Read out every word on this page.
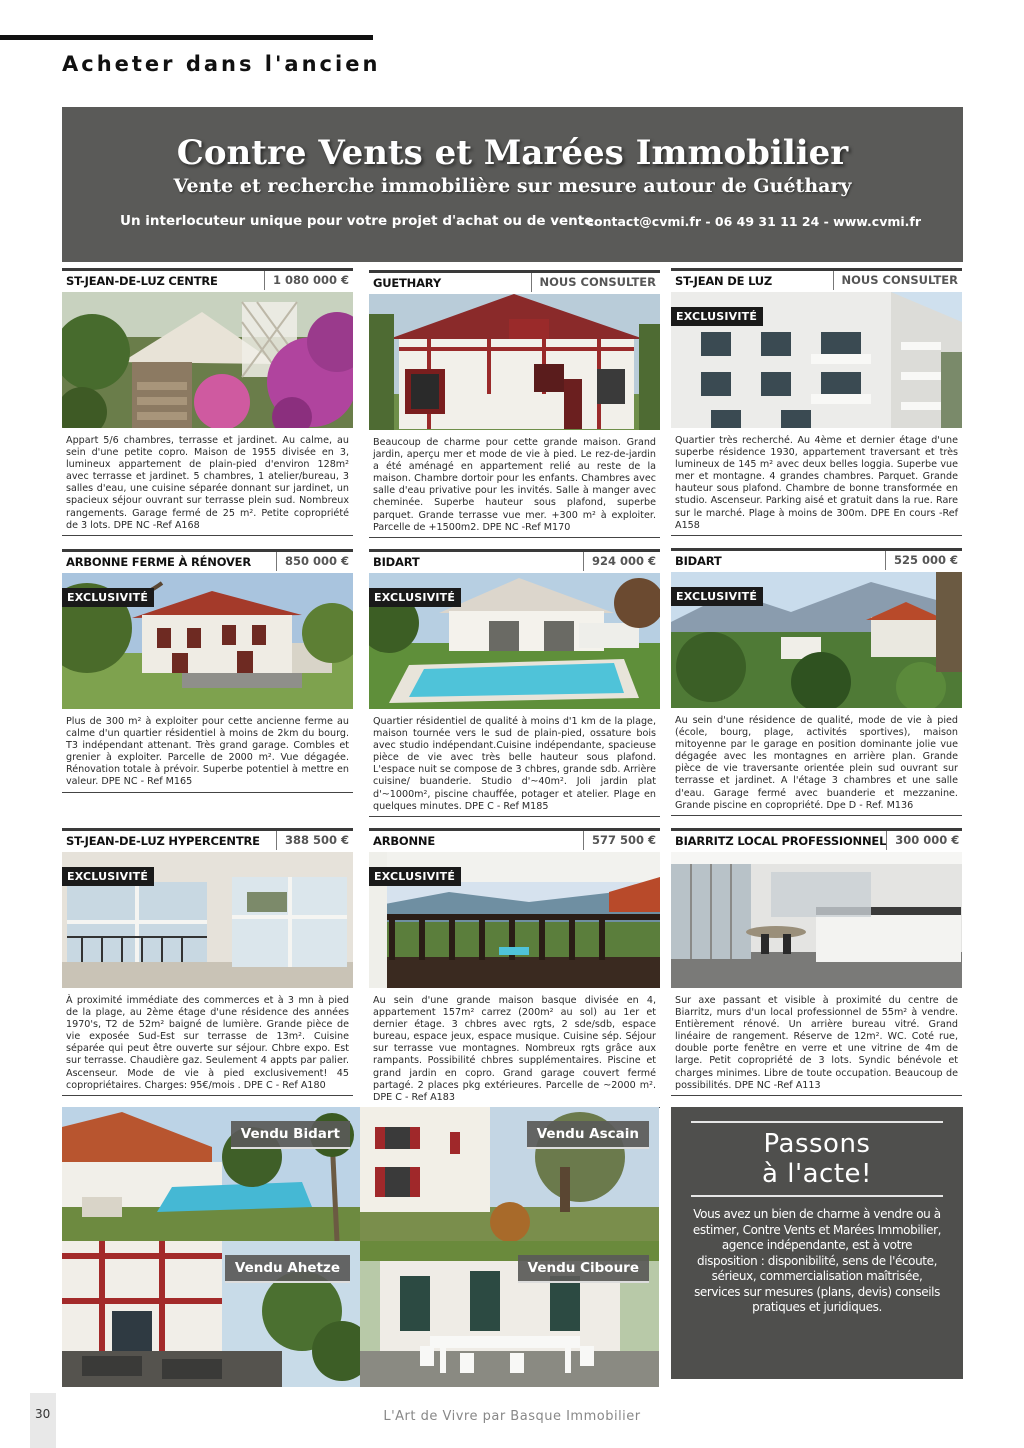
Acheter dans l'ancien
Contre Vents et Marées Immobilier
Vente et recherche immobilière sur mesure autour de Guéthary
Un interlocuteur unique pour votre projet d'achat ou de vente.
contact@cvmi.fr - 06 49 31 11 24 - www.cvmi.fr
ST-JEAN-DE-LUZ CENTRE	1 080 000 €
Appart 5/6 chambres, terrasse et jardinet. Au calme, au sein d'une petite copro. Maison de 1955 divisée en 3, lumineux appartement de plain-pied d'environ 128m² avec terrasse et jardinet. 5 chambres, 1 atelier/bureau, 3 salles d'eau, une cuisine séparée donnant sur jardinet, un spacieux séjour ouvrant sur terrasse plein sud. Nombreux rangements. Garage fermé de 25 m². Petite copropriété de 3 lots. DPE NC -Ref A168
GUETHARY	NOUS CONSULTER
Beaucoup de charme pour cette grande maison. Grand jardin, aperçu mer et mode de vie à pied. Le rez-de-jardin a été aménagé en appartement relié au reste de la maison. Chambre dortoir pour les enfants. Chambres avec salle d'eau privative pour les invités. Salle à manger avec cheminée. Superbe hauteur sous plafond, superbe parquet. Grande terrasse vue mer. +300 m² à exploiter. Parcelle de +1500m2. DPE NC -Ref M170
ST-JEAN DE LUZ	NOUS CONSULTER
EXCLUSIVITÉ
Quartier très recherché. Au 4ème et dernier étage d'une superbe résidence 1930, appartement traversant et très lumineux de 145 m² avec deux belles loggia. Superbe vue mer et montagne. 4 grandes chambres. Parquet. Grande hauteur sous plafond. Chambre de bonne transformée en studio. Ascenseur. Parking aisé et gratuit dans la rue. Rare sur le marché. Plage à moins de 300m. DPE En cours -Ref A158
ARBONNE FERME À RÉNOVER	850 000 €
EXCLUSIVITÉ
Plus de 300 m² à exploiter pour cette ancienne ferme au calme d'un quartier résidentiel à moins de 2km du bourg. T3 indépendant attenant. Très grand garage. Combles et grenier à exploiter. Parcelle de 2000 m². Vue dégagée. Rénovation totale à prévoir. Superbe potentiel à mettre en valeur. DPE NC - Ref M165
BIDART	924 000 €
EXCLUSIVITÉ
Quartier résidentiel de qualité à moins d'1 km de la plage, maison tournée vers le sud de plain-pied, ossature bois avec studio indépendant.Cuisine indépendante, spacieuse pièce de vie avec très belle hauteur sous plafond. L'espace nuit se compose de 3 chbres, grande sdb. Arrière cuisine/ buanderie. Studio d'~40m². Joli jardin plat d'~1000m², piscine chauffée, potager et atelier. Plage en quelques minutes. DPE C - Ref M185
BIDART	525 000 €
EXCLUSIVITÉ
Au sein d'une résidence de qualité, mode de vie à pied (école, bourg, plage, activités sportives), maison mitoyenne par le garage en position dominante jolie vue dégagée avec les montagnes en arrière plan. Grande pièce de vie traversante orientée plein sud ouvrant sur terrasse et jardinet. A l'étage 3 chambres et une salle d'eau. Garage fermé avec buanderie et mezzanine. Grande piscine en copropriété. Dpe D - Ref. M136
ST-JEAN-DE-LUZ HYPERCENTRE	388 500 €
EXCLUSIVITÉ
À proximité immédiate des commerces et à 3 mn à pied de la plage, au 2ème étage d'une résidence des années 1970's, T2 de 52m² baigné de lumière. Grande pièce de vie exposée Sud-Est sur terrasse de 13m². Cuisine séparée qui peut être ouverte sur séjour. Chbre expo. Est sur terrasse. Chaudière gaz. Seulement 4 appts par palier. Ascenseur. Mode de vie à pied exclusivement! 45 copropriétaires. Charges: 95€/mois . DPE C - Ref A180
ARBONNE	577 500 €
EXCLUSIVITÉ
Au sein d'une grande maison basque divisée en 4, appartement 157m² carrez (200m² au sol) au 1er et dernier étage. 3 chbres avec rgts, 2 sde/sdb, espace bureau, espace jeux, espace musique. Cuisine sép. Séjour sur terrasse vue montagnes. Nombreux rgts grâce aux rampants. Possibilité chbres supplémentaires. Piscine et grand jardin en copro. Grand garage couvert fermé partagé. 2 places pkg extérieures. Parcelle de ~2000 m². DPE C - Ref A183
BIARRITZ LOCAL PROFESSIONNEL 300 000 €
Sur axe passant et visible à proximité du centre de Biarritz, murs d'un local professionnel de 55m² à vendre. Entièrement rénové. Un arrière bureau vitré. Grand linéaire de rangement. Réserve de 12m². WC. Coté rue, double porte fenêtre en verre et une vitrine de 4m de large. Petit copropriété de 3 lots. Syndic bénévole et charges minimes. Libre de toute occupation. Beaucoup de possibilités. DPE NC -Ref A113
Vendu Bidart	Vendu Ascain
Vendu Ahetze	Vendu Ciboure
Passons
à l'acte!
Vous avez un bien de charme à vendre ou à estimer, Contre Vents et Marées Immobilier, agence indépendante, est à votre disposition : disponibilité, sens de l'écoute, sérieux, commercialisation maîtrisée, services sur mesures (plans, devis) conseils pratiques et juridiques.
30	L'Art de Vivre par Basque Immobilier
